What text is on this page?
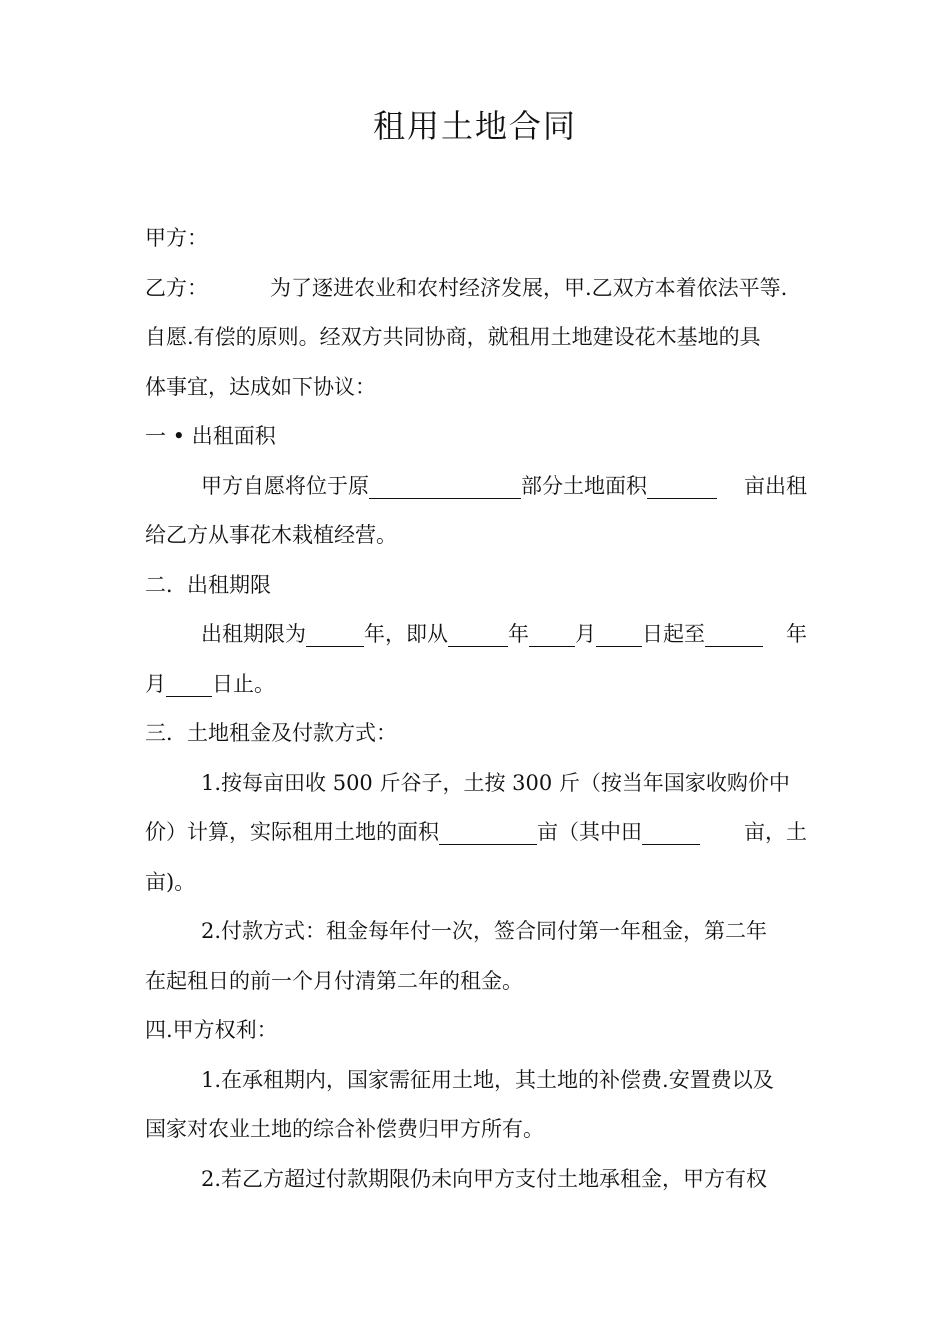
租用土地合同
甲方：
乙方：	为了逐进农业和农村经济发展，甲.乙双方本着依法平等.
自愿.有偿的原则。经双方共同协商，就租用土地建设花木基地的具
体事宜，达成如下协议：
一 • 出租面积
甲方自愿将位于原	部分土地面积	亩出租
给乙方从事花木栽植经营。
二．出租期限
出租期限为	年，即从	年 月 日起至	年
月 日止。
三．土地租金及付款方式：
1.按每亩田收 500 斤谷子，土按 300 斤（按当年国家收购价中
价）计算，实际租用土地的面积	亩（其中田	亩，土
亩)。
2.付款方式：租金每年付一次，签合同付第一年租金，第二年
在起租日的前一个月付清第二年的租金。
四.甲方权利：
1.在承租期内，国家需征用土地，其土地的补偿费.安置费以及
国家对农业土地的综合补偿费归甲方所有。
2.若乙方超过付款期限仍未向甲方支付土地承租金，甲方有权
